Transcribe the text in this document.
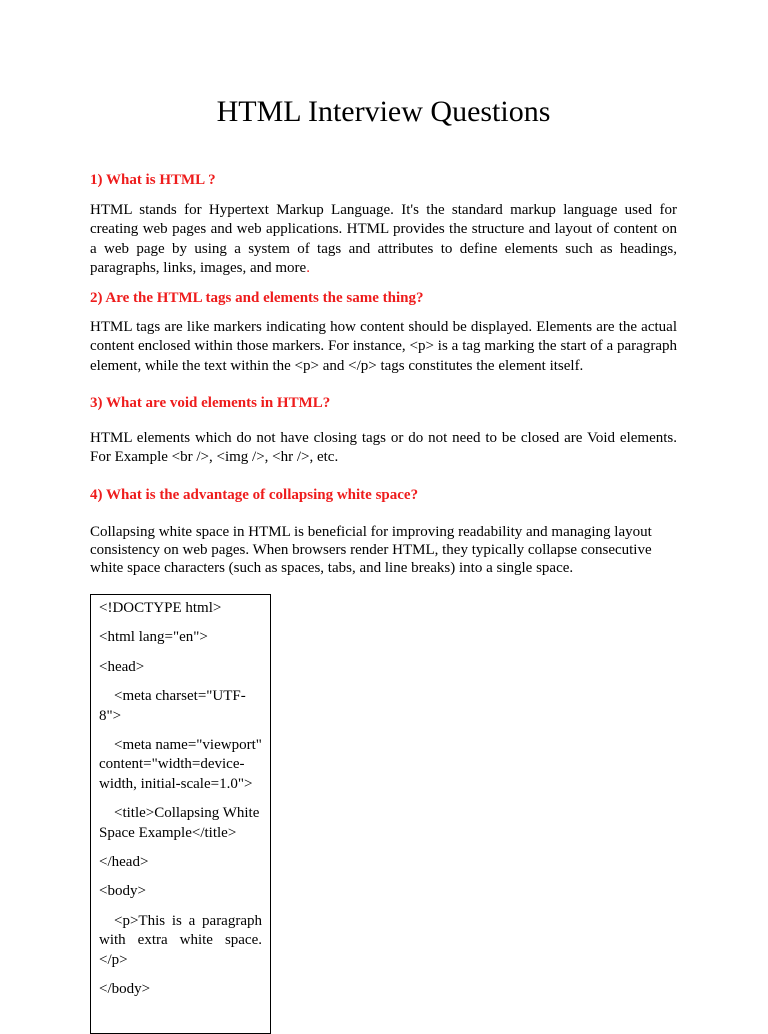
HTML Interview Questions

1) What is HTML ?

HTML stands for Hypertext Markup Language. It's the standard markup language used for creating web pages and web applications. HTML provides the structure and layout of content on a web page by using a system of tags and attributes to define elements such as headings, paragraphs, links, images, and more.

2) Are the HTML tags and elements the same thing?

HTML tags are like markers indicating how content should be displayed. Elements are the actual content enclosed within those markers. For instance, <p> is a tag marking the start of a paragraph element, while the text within the <p> and </p> tags constitutes the element itself.

3) What are void elements in HTML?

HTML elements which do not have closing tags or do not need to be closed are Void elements. For Example <br />, <img />, <hr />, etc.

4) What is the advantage of collapsing white space?

Collapsing white space in HTML is beneficial for improving readability and managing layout consistency on web pages. When browsers render HTML, they typically collapse consecutive white space characters (such as spaces, tabs, and line breaks) into a single space.

<!DOCTYPE html>

<html lang="en">

<head>

<meta charset="UTF-8">

<meta name="viewport" content="width=device-width, initial-scale=1.0">

<title>Collapsing White Space Example</title>

</head>

<body>

<p>This is a paragraph with extra white space.</p>

</body>
